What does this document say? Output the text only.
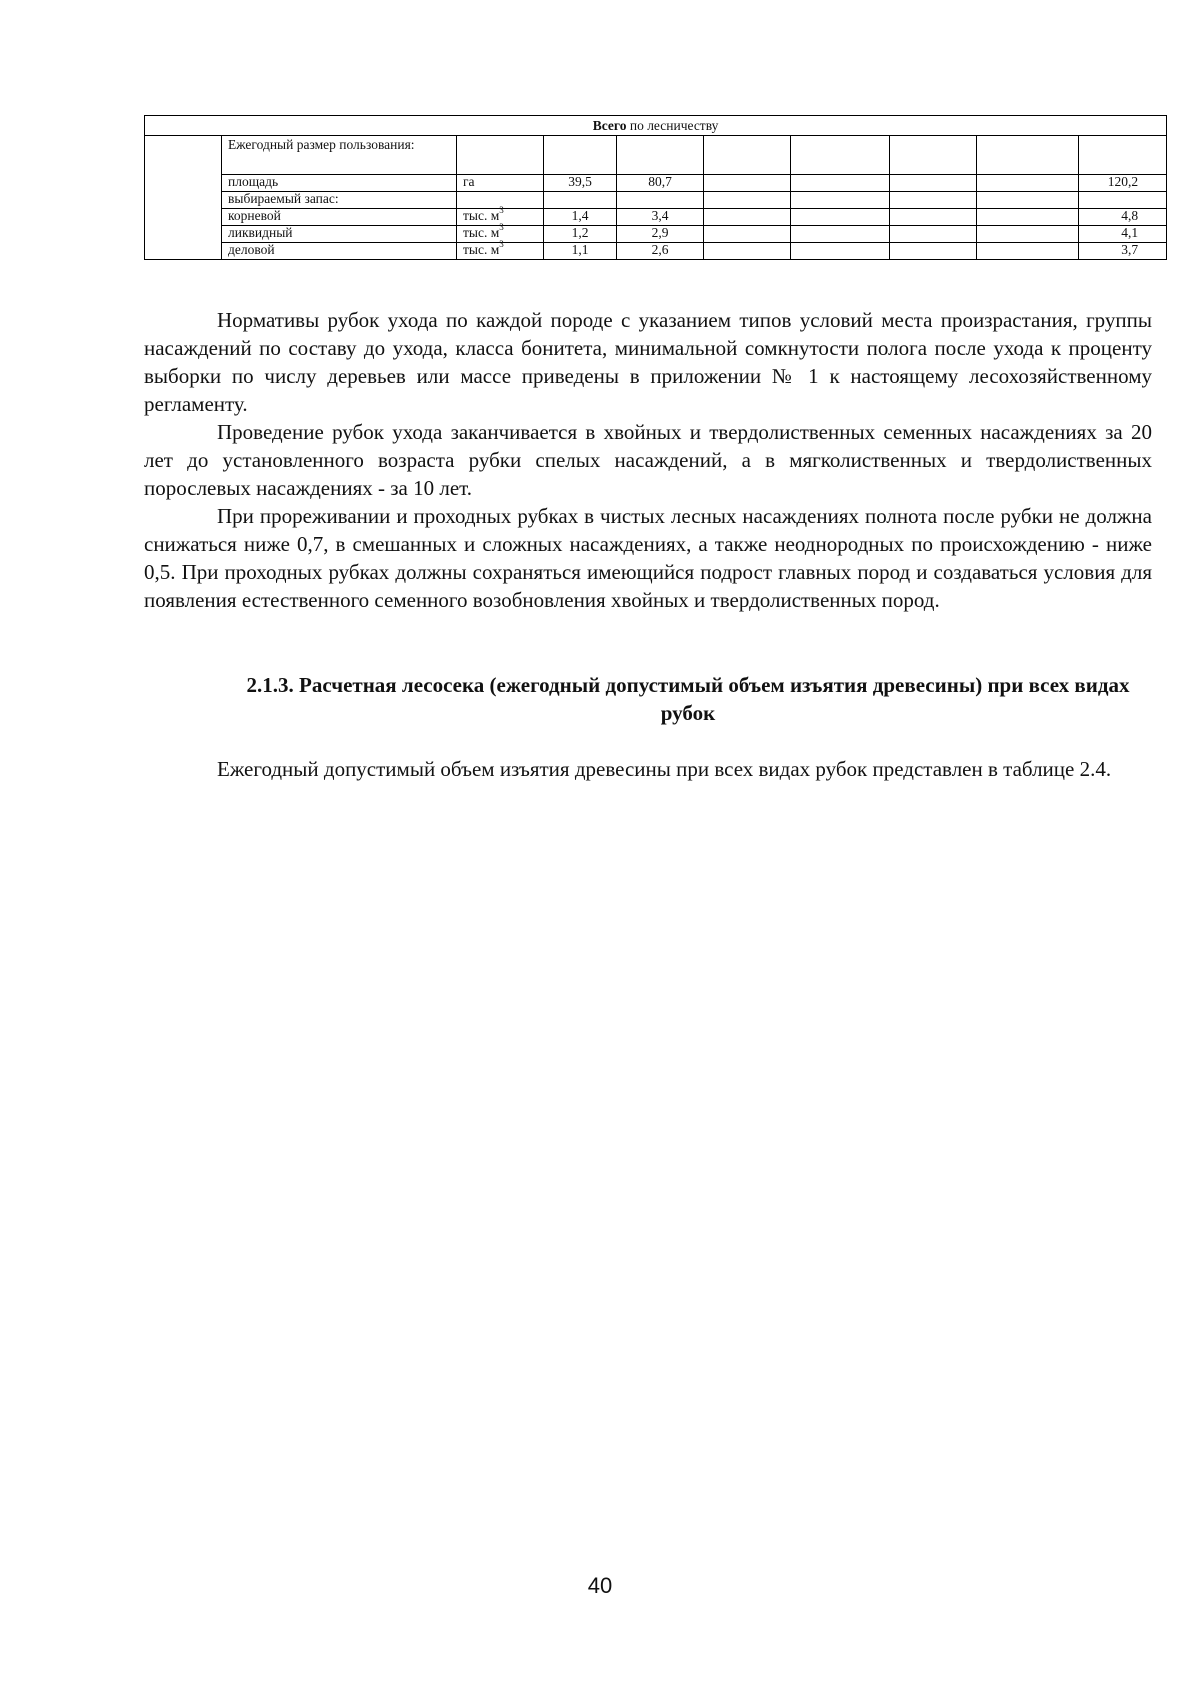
Всего по лесничеству									
	Ежегодный размер пользования:								
	площадь	га	39,5	80,7					120,2
	выбираемый запас:								
	корневой	тыс. $м^3$	1,4	3,4					4,8
	ликвидный	тыс. $м^3$	1,2	2,9					4,1
	деловой	тыс. $м^3$	1,1	2,6					3,7

Нормативы рубок ухода по каждой породе с указанием типов условий места произрастания, группы насаждений по составу до ухода, класса бонитета, минимальной сомкнутости полога после ухода к проценту выборки по числу деревьев или массе приведены в приложении № 1 к настоящему лесохозяйственному регламенту.

Проведение рубок ухода заканчивается в хвойных и твердолиственных семенных насаждениях за 20 лет до установленного возраста рубки спелых насаждений, а в мягколиственных и твердолиственных порослевых насаждениях - за 10 лет.

При прореживании и проходных рубках в чистых лесных насаждениях полнота после рубки не должна снижаться ниже 0,7, в смешанных и сложных насаждениях, а также неоднородных по происхождению - ниже 0,5. При проходных рубках должны сохраняться имеющийся подрост главных пород и создаваться условия для появления естественного семенного возобновления хвойных и твердолиственных пород.

2.1.3. Расчетная лесосека (ежегодный допустимый объем изъятия древесины) при всех видах рубок

Ежегодный допустимый объем изъятия древесины при всех видах рубок представлен в таблице 2.4.

40
